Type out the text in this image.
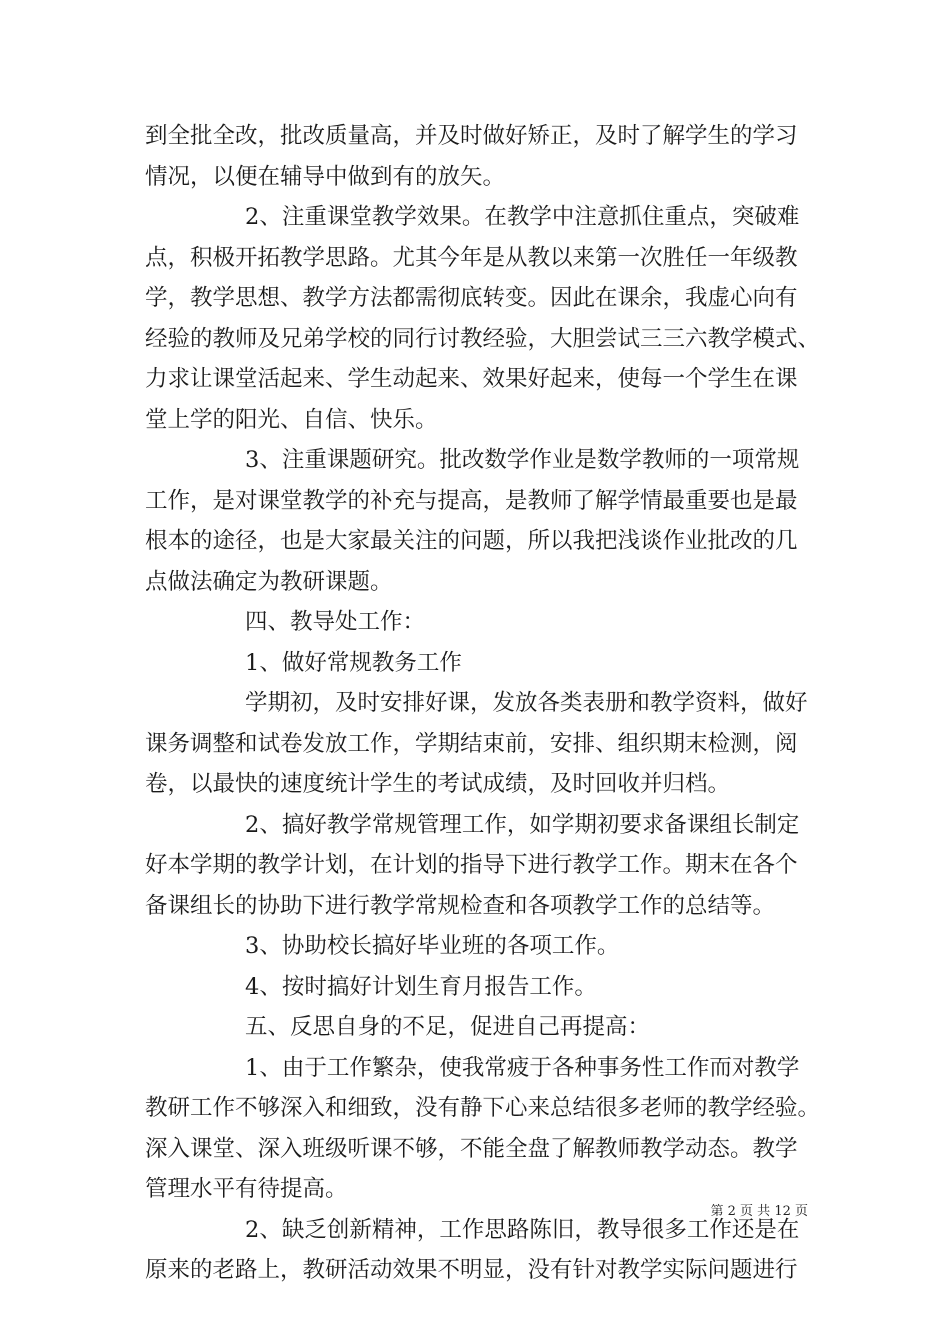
到全批全改，批改质量高，并及时做好矫正，及时了解学生的学习
情况，以便在辅导中做到有的放矢。
2、注重课堂教学效果。在教学中注意抓住重点，突破难
点，积极开拓教学思路。尤其今年是从教以来第一次胜任一年级教
学，教学思想、教学方法都需彻底转变。因此在课余，我虚心向有
经验的教师及兄弟学校的同行讨教经验，大胆尝试三三六教学模式、
力求让课堂活起来、学生动起来、效果好起来，使每一个学生在课
堂上学的阳光、自信、快乐。
3、注重课题研究。批改数学作业是数学教师的一项常规
工作，是对课堂教学的补充与提高，是教师了解学情最重要也是最
根本的途径，也是大家最关注的问题，所以我把浅谈作业批改的几
点做法确定为教研课题。
四、教导处工作：
1、做好常规教务工作
学期初，及时安排好课，发放各类表册和教学资料，做好
课务调整和试卷发放工作，学期结束前，安排、组织期末检测，阅
卷，以最快的速度统计学生的考试成绩，及时回收并归档。
2、搞好教学常规管理工作，如学期初要求备课组长制定
好本学期的教学计划，在计划的指导下进行教学工作。期末在各个
备课组长的协助下进行教学常规检查和各项教学工作的总结等。
3、协助校长搞好毕业班的各项工作。
4、按时搞好计划生育月报告工作。
五、反思自身的不足，促进自己再提高：
1、由于工作繁杂，使我常疲于各种事务性工作而对教学
教研工作不够深入和细致，没有静下心来总结很多老师的教学经验。
深入课堂、深入班级听课不够，不能全盘了解教师教学动态。教学
管理水平有待提高。
2、缺乏创新精神，工作思路陈旧，教导很多工作还是在
原来的老路上，教研活动效果不明显，没有针对教学实际问题进行
第 2 页 共 12 页
